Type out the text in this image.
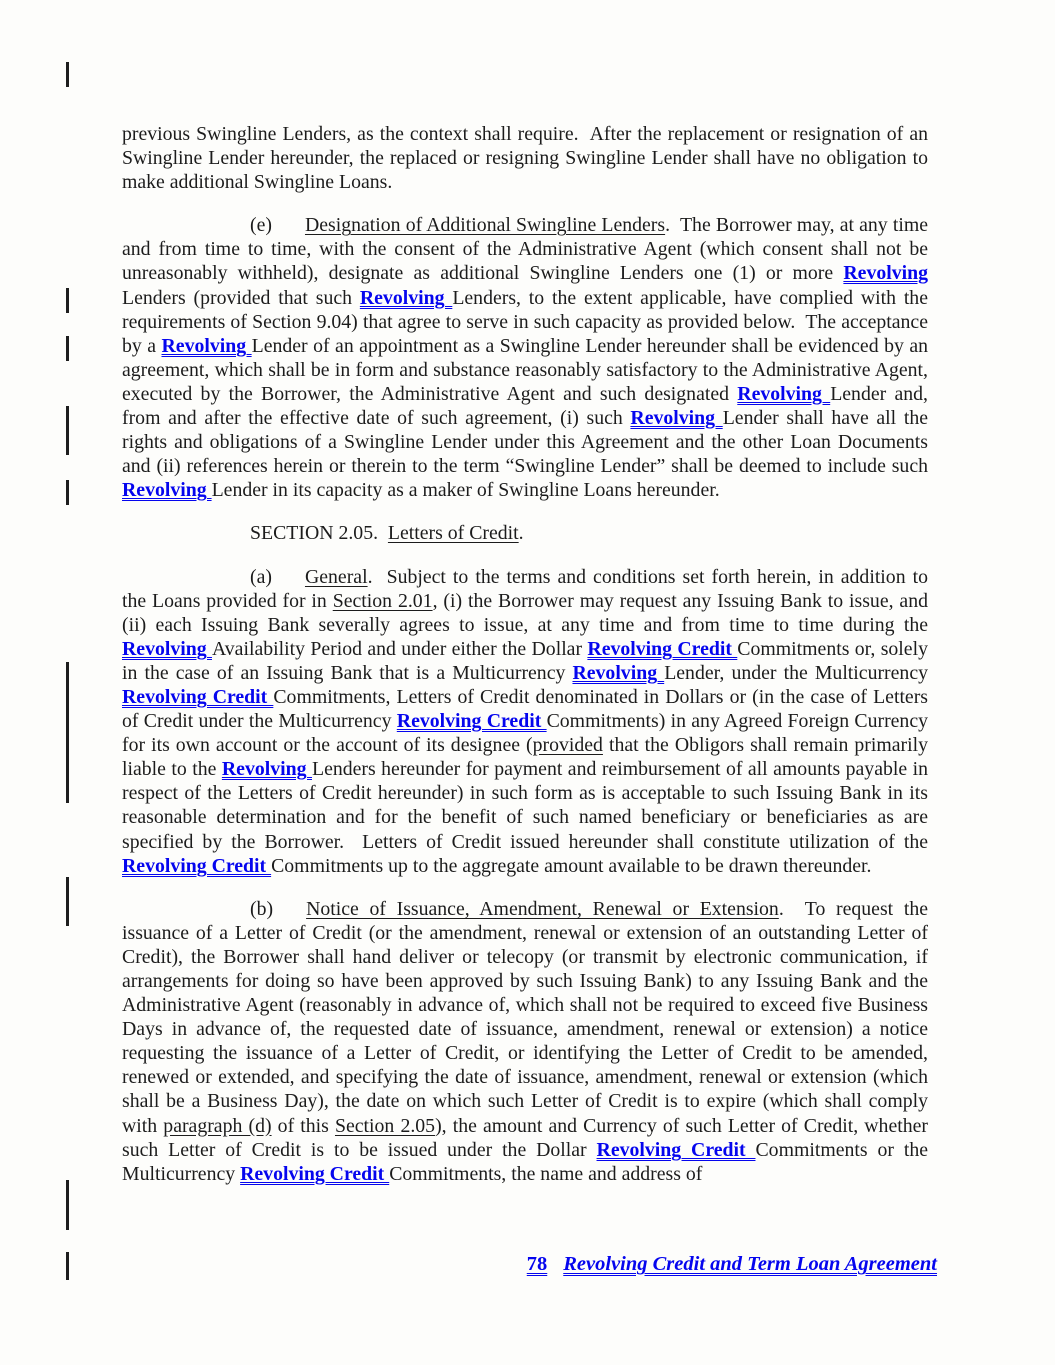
previous Swingline Lenders, as the context shall require.  After the replacement or resignation of an Swingline Lender hereunder, the replaced or resigning Swingline Lender shall have no obligation to make additional Swingline Loans.

(e) Designation of Additional Swingline Lenders.  The Borrower may, at any time and from time to time, with the consent of the Administrative Agent (which consent shall not be unreasonably withheld), designate as additional Swingline Lenders one (1) or more Revolving Lenders (provided that such Revolving Lenders, to the extent applicable, have complied with the requirements of Section 9.04) that agree to serve in such capacity as provided below.  The acceptance by a Revolving Lender of an appointment as a Swingline Lender hereunder shall be evidenced by an agreement, which shall be in form and substance reasonably satisfactory to the Administrative Agent, executed by the Borrower, the Administrative Agent and such designated Revolving Lender and, from and after the effective date of such agreement, (i) such Revolving Lender shall have all the rights and obligations of a Swingline Lender under this Agreement and the other Loan Documents and (ii) references herein or therein to the term “Swingline Lender” shall be deemed to include such Revolving Lender in its capacity as a maker of Swingline Loans hereunder.

SECTION 2.05.  Letters of Credit.

(a) General.  Subject to the terms and conditions set forth herein, in addition to the Loans provided for in Section 2.01, (i) the Borrower may request any Issuing Bank to issue, and (ii) each Issuing Bank severally agrees to issue, at any time and from time to time during the Revolving Availability Period and under either the Dollar Revolving Credit Commitments or, solely in the case of an Issuing Bank that is a Multicurrency Revolving Lender, under the Multicurrency Revolving Credit Commitments, Letters of Credit denominated in Dollars or (in the case of Letters of Credit under the Multicurrency Revolving Credit Commitments) in any Agreed Foreign Currency for its own account or the account of its designee (provided that the Obligors shall remain primarily liable to the Revolving Lenders hereunder for payment and reimbursement of all amounts payable in respect of the Letters of Credit hereunder) in such form as is acceptable to such Issuing Bank in its reasonable determination and for the benefit of such named beneficiary or beneficiaries as are specified by the Borrower.  Letters of Credit issued hereunder shall constitute utilization of the Revolving Credit Commitments up to the aggregate amount available to be drawn thereunder.

(b) Notice of Issuance, Amendment, Renewal or Extension.  To request the issuance of a Letter of Credit (or the amendment, renewal or extension of an outstanding Letter of Credit), the Borrower shall hand deliver or telecopy (or transmit by electronic communication, if arrangements for doing so have been approved by such Issuing Bank) to any Issuing Bank and the Administrative Agent (reasonably in advance of, which shall not be required to exceed five Business Days in advance of, the requested date of issuance, amendment, renewal or extension) a notice requesting the issuance of a Letter of Credit, or identifying the Letter of Credit to be amended, renewed or extended, and specifying the date of issuance, amendment, renewal or extension (which shall be a Business Day), the date on which such Letter of Credit is to expire (which shall comply with paragraph (d) of this Section 2.05), the amount and Currency of such Letter of Credit, whether such Letter of Credit is to be issued under the Dollar Revolving Credit Commitments or the Multicurrency Revolving Credit Commitments, the name and address of

78 Revolving Credit and Term Loan Agreement
